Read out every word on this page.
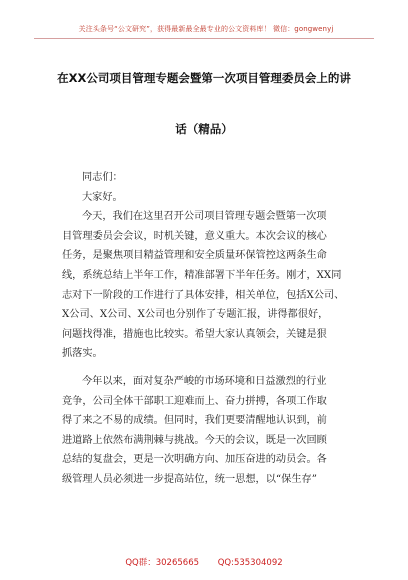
关注头条号“公文研究”，获得最新最全最专业的公文资料库！ 微信：gongwenyj
在XX公司项目管理专题会暨第一次项目管理委员会上的讲
话（精品）
同志们：
大家好。
今天，我们在这里召开公司项目管理专题会暨第一次项
目管理委员会会议，时机关键，意义重大。本次会议的核心
任务，是聚焦项目精益管理和安全质量环保管控这两条生命
线，系统总结上半年工作，精准部署下半年任务。刚才，XX同
志对下一阶段的工作进行了具体安排，相关单位，包括X公司、
X公司、X公司、X公司也分别作了专题汇报，讲得都很好，
问题找得准，措施也比较实。希望大家认真领会，关键是狠
抓落实。
今年以来，面对复杂严峻的市场环境和日益激烈的行业
竞争，公司全体干部职工迎难而上、奋力拼搏，各项工作取
得了来之不易的成绩。但同时，我们更要清醒地认识到，前
进道路上依然布满荆棘与挑战。今天的会议，既是一次回顾
总结的复盘会，更是一次明确方向、加压奋进的动员会。各
级管理人员必须进一步提高站位，统一思想，以“保生存”
QQ群：30265665 QQ:535304092
